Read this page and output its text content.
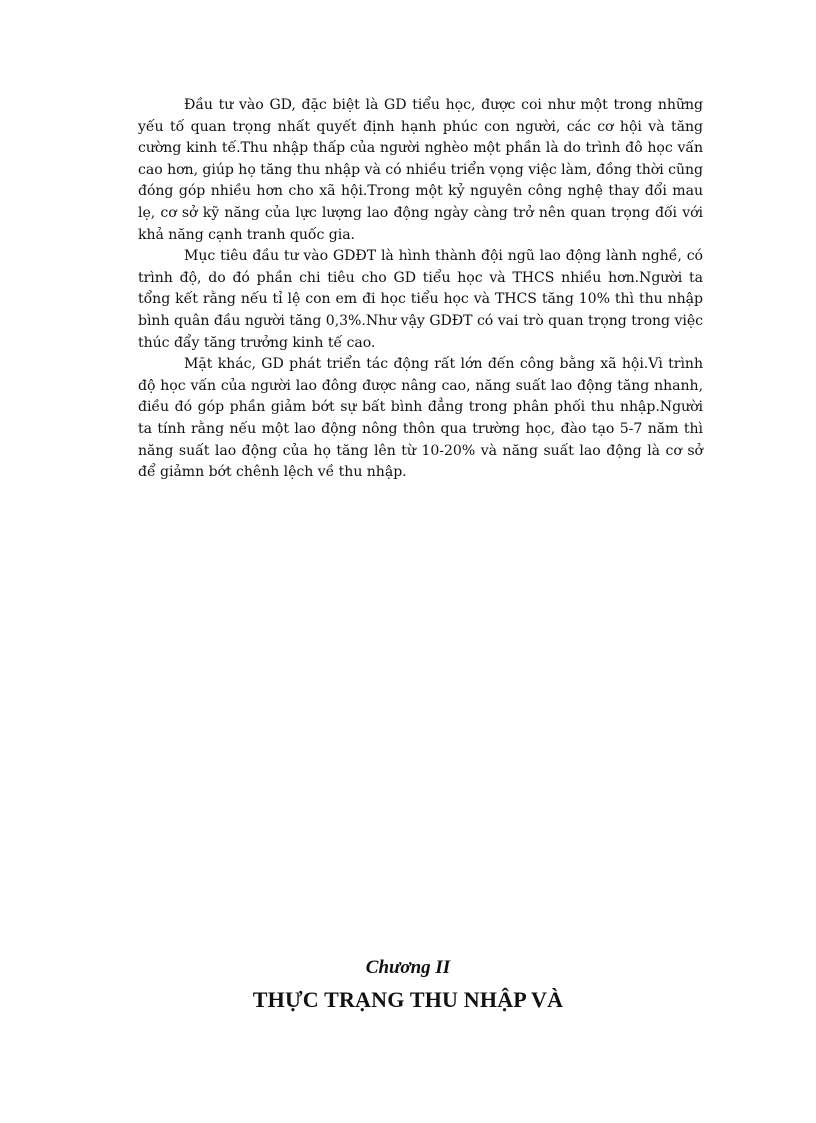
Đầu tư vào GD, đặc biệt là GD tiểu học, được coi như một trong những yếu tố quan trọng nhất quyết định hạnh phúc con người, các cơ hội và tăng cường kinh tế.Thu nhập thấp của người nghèo một phần là do trình đô học vấn cao hơn, giúp họ tăng thu nhập và có nhiều triển vọng việc làm, đồng thời cũng đóng góp nhiều hơn cho xã hội.Trong một kỷ nguyên công nghệ thay đổi mau lẹ, cơ sở kỹ năng của lực lượng lao động ngày càng trở nên quan trọng đối với khả năng cạnh tranh quốc gia.

Mục tiêu đầu tư vào GDĐT là hình thành đội ngũ lao động lành nghề, có trình độ, do đó phần chi tiêu cho GD tiểu học và THCS nhiều hơn.Người ta tổng kết rằng nếu tỉ lệ con em đi học tiểu học và THCS tăng 10% thì thu nhập bình quân đầu người tăng 0,3%.Như vậy GDĐT có vai trò quan trọng trong việc thúc đẩy tăng trưởng kinh tế cao.

Mặt khác, GD phát triển tác động rất lớn đến công bằng xã hội.Vì trình độ học vấn của người lao đông được nâng cao, năng suất lao động tăng nhanh, điều đó góp phần giảm bớt sự bất bình đẳng trong phân phối thu nhập.Người ta tính rằng nếu một lao động nông thôn qua trường học, đào tạo 5-7 năm thì năng suất lao động của họ tăng lên từ 10-20% và năng suất lao động là cơ sở để giảmn bớt chênh lệch về thu nhập.

Chương II

THỰC TRẠNG THU NHẬP VÀ
